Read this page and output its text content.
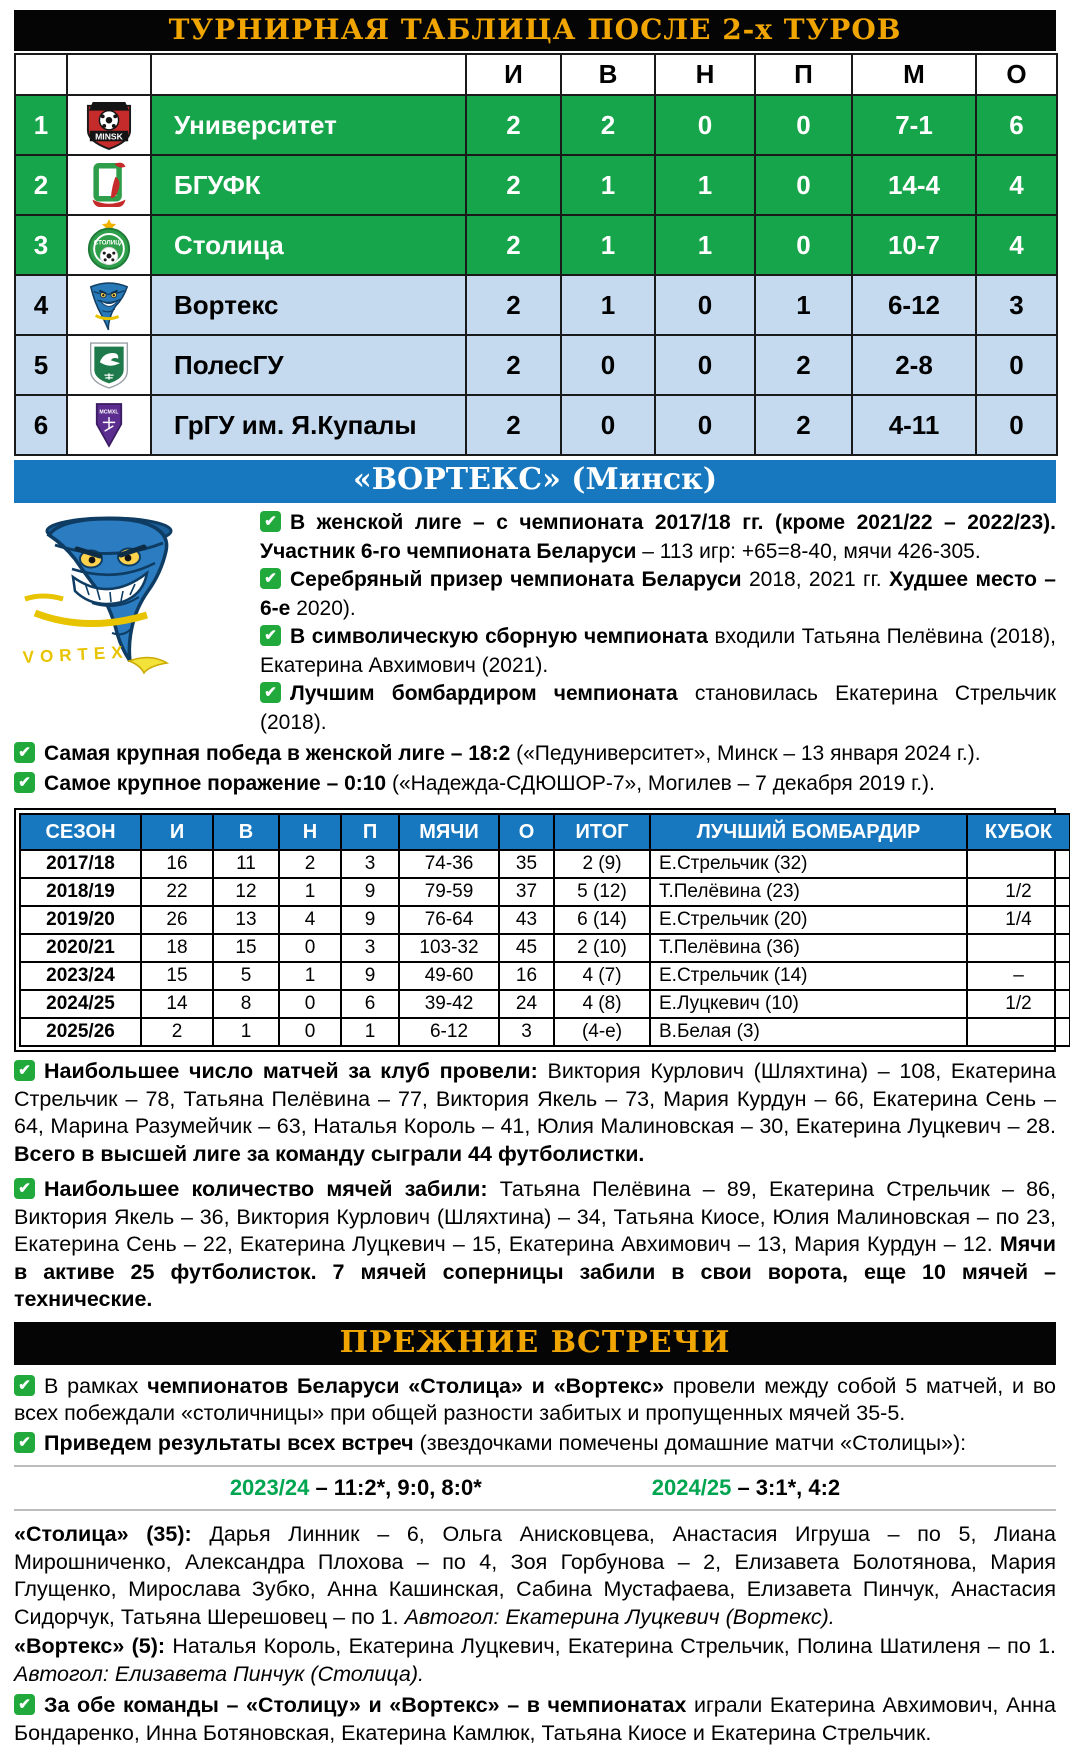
ТУРНИРНАЯ ТАБЛИЦА ПОСЛЕ 2-х ТУРОВ
			И	В	Н	П	М	О
1	MINSK	Университет	2	2	0	0	7-1	6
2		БГУФК	2	1	1	0	14-4	4
3	СТОЛИЦА	Столица	2	1	1	0	10-7	4
4		Вортекс	2	1	0	1	6-12	3
5		ПолесГУ	2	0	0	2	2-8	0
6	МСМХL	ГрГУ им. Я.Купалы	2	0	0	2	4-11	0
«ВОРТЕКС» (Минск)
VORTEX

✔В женской лиге – с чемпионата 2017/18 гг. (кроме 2021/22 – 2022/23). Участник 6-го чемпионата Беларуси – 113 игр: +65=8-40, мячи 426-305.

✔Серебряный призер чемпионата Беларуси 2018, 2021 гг. Худшее место – 6-е 2020).

✔В символическую сборную чемпионата входили Татьяна Пелёвина (2018), Екатерина Авхимович (2021).

✔Лучшим бомбардиром чемпионата становилась Екатерина Стрельчик (2018).

✔Самая крупная победа в женской лиге – 18:2 («Педуниверситет», Минск – 13 января 2024 г.).

✔Самое крупное поражение – 0:10 («Надежда-СДЮШОР-7», Могилев – 7 декабря 2019 г.).

СЕЗОН	И	В	Н	П	МЯЧИ	О	ИТОГ	ЛУЧШИЙ БОМБАРДИР	КУБОК
2017/18	16	11	2	3	74-36	35	2 (9)	Е.Стрельчик (32)	
2018/19	22	12	1	9	79-59	37	5 (12)	Т.Пелёвина (23)	1/2
2019/20	26	13	4	9	76-64	43	6 (14)	Е.Стрельчик (20)	1/4
2020/21	18	15	0	3	103-32	45	2 (10)	Т.Пелёвина (36)	
2023/24	15	5	1	9	49-60	16	4 (7)	Е.Стрельчик (14)	–
2024/25	14	8	0	6	39-42	24	4 (8)	Е.Луцкевич (10)	1/2
2025/26	2	1	0	1	6-12	3	(4-е)	В.Белая (3)	

✔Наибольшее число матчей за клуб провели: Виктория Курлович (Шляхтина) – 108, Екатерина Стрельчик – 78, Татьяна Пелёвина – 77, Виктория Якель – 73, Мария Курдун – 66, Екатерина Сень – 64, Марина Разумейчик – 63, Наталья Король – 41, Юлия Малиновская – 30, Екатерина Луцкевич – 28. Всего в высшей лиге за команду сыграли 44 футболистки.

✔Наибольшее количество мячей забили: Татьяна Пелёвина – 89, Екатерина Стрельчик – 86, Виктория Якель – 36, Виктория Курлович (Шляхтина) – 34, Татьяна Киосе, Юлия Малиновская – по 23, Екатерина Сень – 22, Екатерина Луцкевич – 15, Екатерина Авхимович – 13, Мария Курдун – 12. Мячи в активе 25 футболисток. 7 мячей соперницы забили в свои ворота, еще 10 мячей – технические.

ПРЕЖНИЕ ВСТРЕЧИ

✔В рамках чемпионатов Беларуси «Столица» и «Вортекс» провели между собой 5 матчей, и во всех побеждали «столичницы» при общей разности забитых и пропущенных мячей 35-5.

✔Приведем результаты всех встреч (звездочками помечены домашние матчи «Столицы»):

2023/24 – 11:2*, 9:0, 8:0*	2024/25 – 3:1*, 4:2

«Столица» (35): Дарья Линник – 6, Ольга Анисковцева, Анастасия Игруша – по 5, Лиана Мирошниченко, Александра Плохова – по 4, Зоя Горбунова – 2, Елизавета Болотянова, Мария Глущенко, Мирослава Зубко, Анна Кашинская, Сабина Мустафаева, Елизавета Пинчук, Анастасия Сидорчук, Татьяна Шерешовец – по 1. Автогол: Екатерина Луцкевич (Вортекс).

«Вортекс» (5): Наталья Король, Екатерина Луцкевич, Екатерина Стрельчик, Полина Шатиленя – по 1. Автогол: Елизавета Пинчук (Столица).

✔За обе команды – «Столицу» и «Вортекс» – в чемпионатах играли Екатерина Авхимович, Анна Бондаренко, Инна Ботяновская, Екатерина Камлюк, Татьяна Киосе и Екатерина Стрельчик.
